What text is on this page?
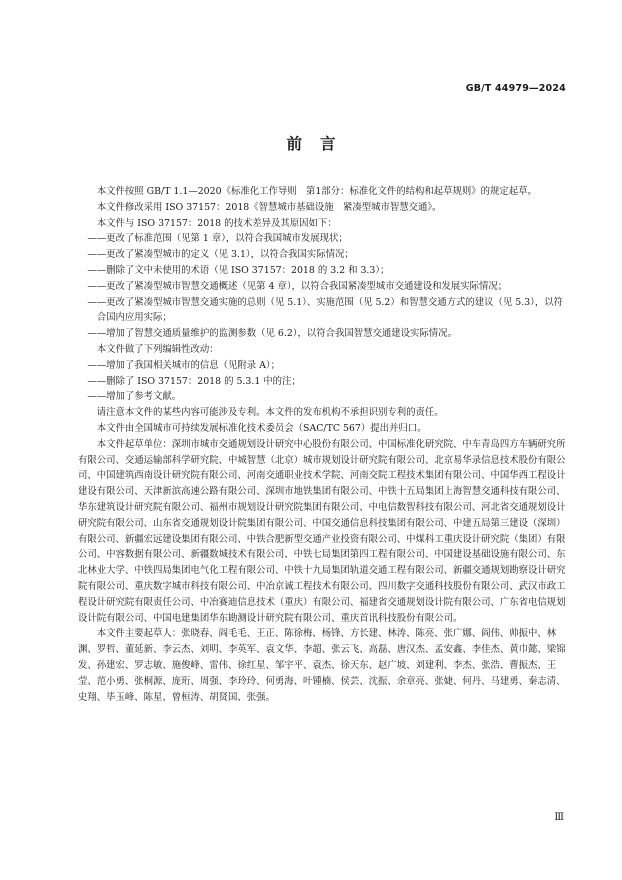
GB/T 44979—2024
前言

本文件按照 GB/T 1.1—2020《标准化工作导则　第1部分：标准化文件的结构和起草规则》的规定起草。

本文件修改采用 ISO 37157：2018《智慧城市基础设施　紧凑型城市智慧交通》。

本文件与 ISO 37157：2018 的技术差异及其原因如下：

——更改了标准范围（见第 1 章），以符合我国城市发展现状；

——更改了紧凑型城市的定义（见 3.1），以符合我国实际情况；

——删除了文中未使用的术语（见 ISO 37157：2018 的 3.2 和 3.3）；

——更改了紧凑型城市智慧交通概述（见第 4 章），以符合我国紧凑型城市交通建设和发展实际情况；

——更改了紧凑型城市智慧交通实施的总则（见 5.1）、实施范围（见 5.2）和智慧交通方式的建议（见 5.3），以符合国内应用实际；

——增加了智慧交通质量维护的监测参数（见 6.2），以符合我国智慧交通建设实际情况。

本文件做了下列编辑性改动：

——增加了我国相关城市的信息（见附录 A）；

——删除了 ISO 37157：2018 的 5.3.1 中的注；

——增加了参考文献。

请注意本文件的某些内容可能涉及专利。本文件的发布机构不承担识别专利的责任。

本文件由全国城市可持续发展标准化技术委员会（SAC/TC 567）提出并归口。

本文件起草单位：深圳市城市交通规划设计研究中心股份有限公司、中国标准化研究院、中车青岛四方车辆研究所有限公司、交通运输部科学研究院、中城智慧（北京）城市规划设计研究院有限公司、北京易华录信息技术股份有限公司、中国建筑西南设计研究院有限公司、河南交通职业技术学院、河南交院工程技术集团有限公司、中国华西工程设计建设有限公司、天津新滨高速公路有限公司、深圳市地铁集团有限公司、中铁十五局集团上海智慧交通科技有限公司、华东建筑设计研究院有限公司、福州市规划设计研究院集团有限公司、中电信数智科技有限公司、河北省交通规划设计研究院有限公司、山东省交通规划设计院集团有限公司、中国交通信息科技集团有限公司、中建五局第三建设（深圳）有限公司、新疆宏远建设集团有限公司、中铁合肥新型交通产业投资有限公司、中煤科工重庆设计研究院（集团）有限公司、中容数据有限公司、新疆数城技术有限公司、中铁七局集团第四工程有限公司、中国建设基础设施有限公司、东北林业大学、中铁四局集团电气化工程有限公司、中铁十九局集团轨道交通工程有限公司、新疆交通规划勘察设计研究院有限公司、重庆数字城市科技有限公司、中冶京诚工程技术有限公司、四川数字交通科技股份有限公司、武汉市政工程设计研究院有限责任公司、中冶赛迪信息技术（重庆）有限公司、福建省交通规划设计院有限公司、广东省电信规划设计院有限公司、中国电建集团华东勘测设计研究院有限公司、重庆首讯科技股份有限公司。

本文件主要起草人：张晓春、阎毛毛、王正、陈徐梅、杨锋、方长建、林涛、陈亮、张广娜、阎伟、帅振中、林渊、罗哲、董延新、李云杰、刘明、李英军、袁文华、李超、张云飞、高磊、唐汉杰、孟安鑫、李佳杰、黄巾懿、梁锦发、孙建宏、罗志敏、施俊峰、雷伟、徐红星、邹宇平、袁杰、徐天东、赵广坡、刘建利、李杰、张浩、曹振杰、王莹、范小勇、张桐源、庞珩、周强、李玲玲、何勇海、叶锺楠、侯芸、沈振、余章亮、张婕、何丹、马建勇、秦志清、史翔、毕玉峰、陈星、曾桓涛、胡贤国、张强。

Ⅲ
